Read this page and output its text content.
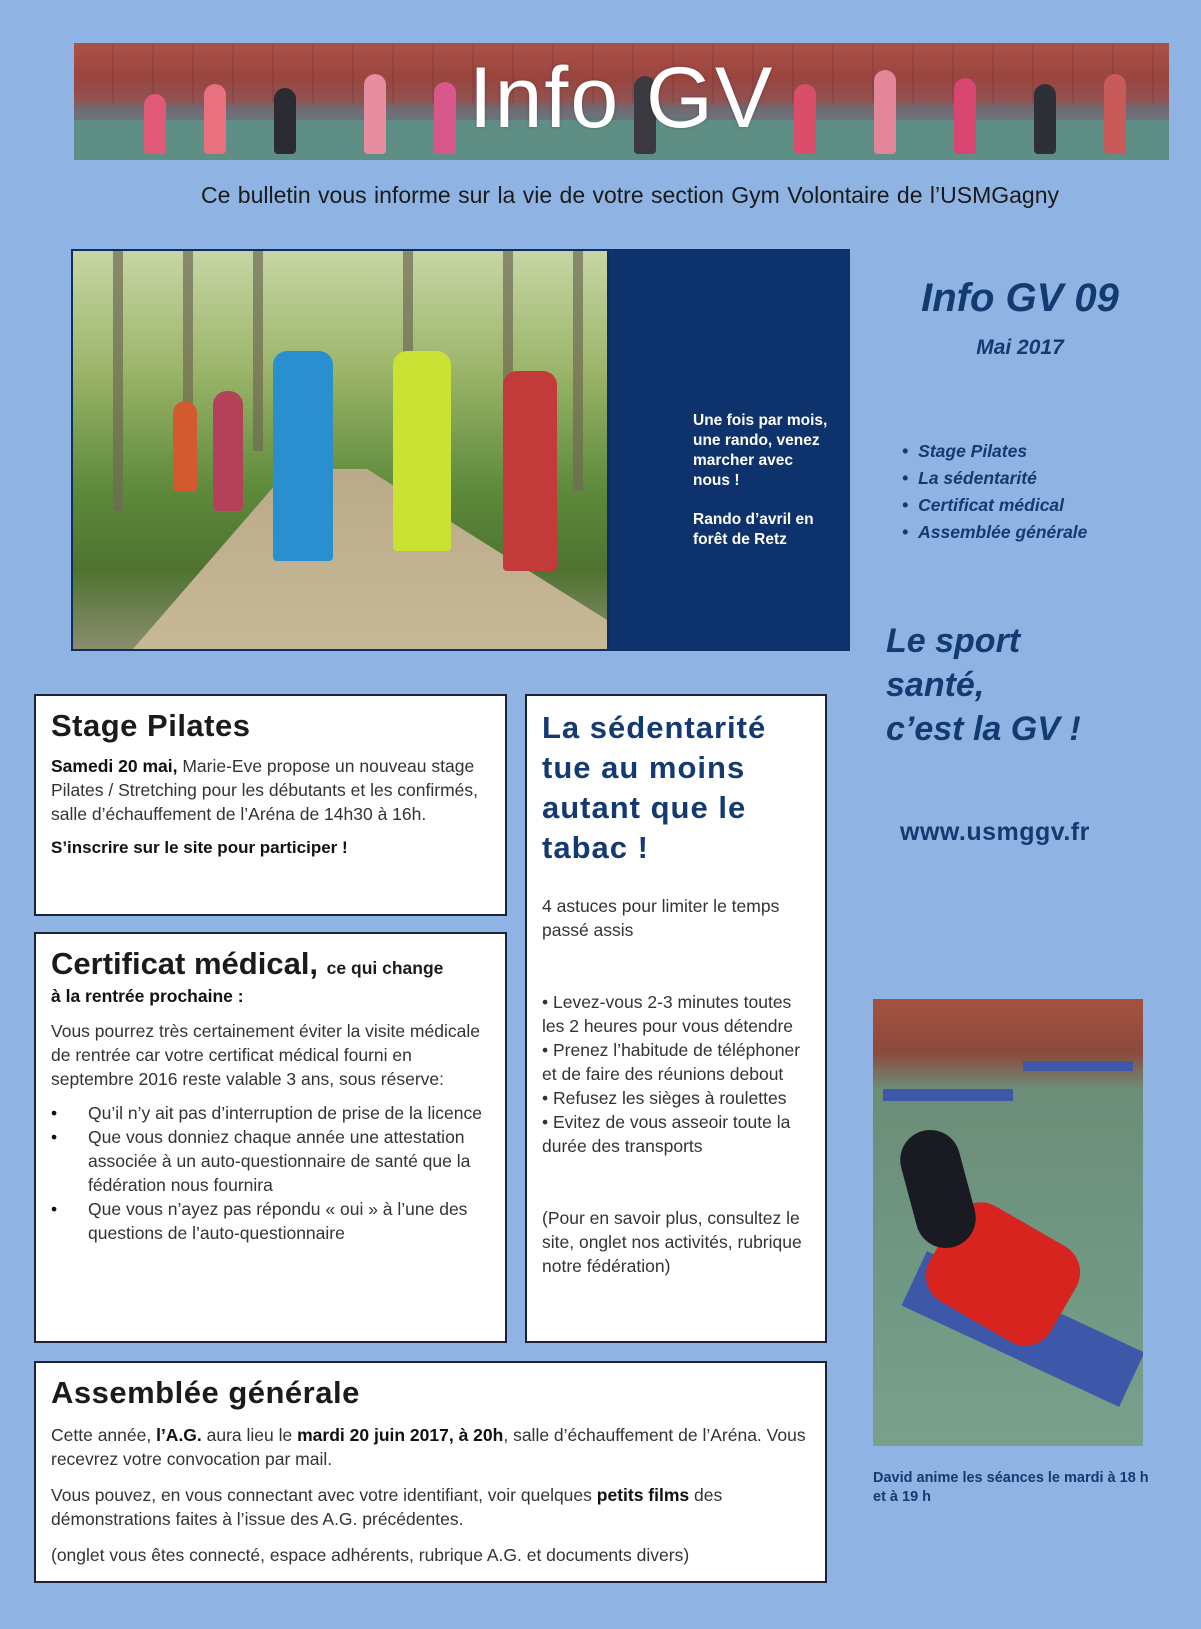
Info GV
Ce bulletin vous informe sur la vie de votre section Gym Volontaire de l’USMGagny

Une fois par mois, une rando, venez marcher avec nous !

Rando d’avril en forêt de Retz

Info GV 09
Mai 2017
• Stage Pilates
• La sédentarité
• Certificat médical
• Assemblée générale
Le sport
santé,
c’est la GV !
www.usmggv.fr
David anime les séances le mardi à 18 h et à 19 h
Stage Pilates

Samedi 20 mai, Marie-Eve propose un nouveau stage Pilates / Stretching pour les débutants et les confirmés, salle d’échauffement de l’Aréna de 14h30 à 16h.

S’inscrire sur le site pour participer !

Certificat médical, ce qui change
à la rentrée prochaine :

Vous pourrez très certainement éviter la visite médicale de rentrée car votre certificat médical fourni en septembre 2016 reste valable 3 ans, sous réserve:

• Qu’il n’y ait pas d’interruption de prise de la licence
• Que vous donniez chaque année une attestation associée à un auto-questionnaire de santé que la fédération nous fournira
• Que vous n’ayez pas répondu « oui » à l’une des questions de l’auto-questionnaire
La sédentarité tue au moins autant que le tabac !

4 astuces pour limiter le temps passé assis

• Levez-vous 2-3 minutes toutes les 2 heures pour vous détendre

• Prenez l’habitude de téléphoner et de faire des réunions debout

• Refusez les sièges à roulettes

• Evitez de vous asseoir toute la durée des transports

(Pour en savoir plus, consultez le site, onglet nos activités, rubrique notre fédération)

Assemblée générale

Cette année, l’A.G. aura lieu le mardi 20 juin 2017, à 20h, salle d’échauffement de l’Aréna. Vous recevrez votre convocation par mail.

Vous pouvez, en vous connectant avec votre identifiant, voir quelques petits films des démonstrations faites à l’issue des A.G. précédentes.

(onglet vous êtes connecté, espace adhérents, rubrique A.G. et documents divers)
